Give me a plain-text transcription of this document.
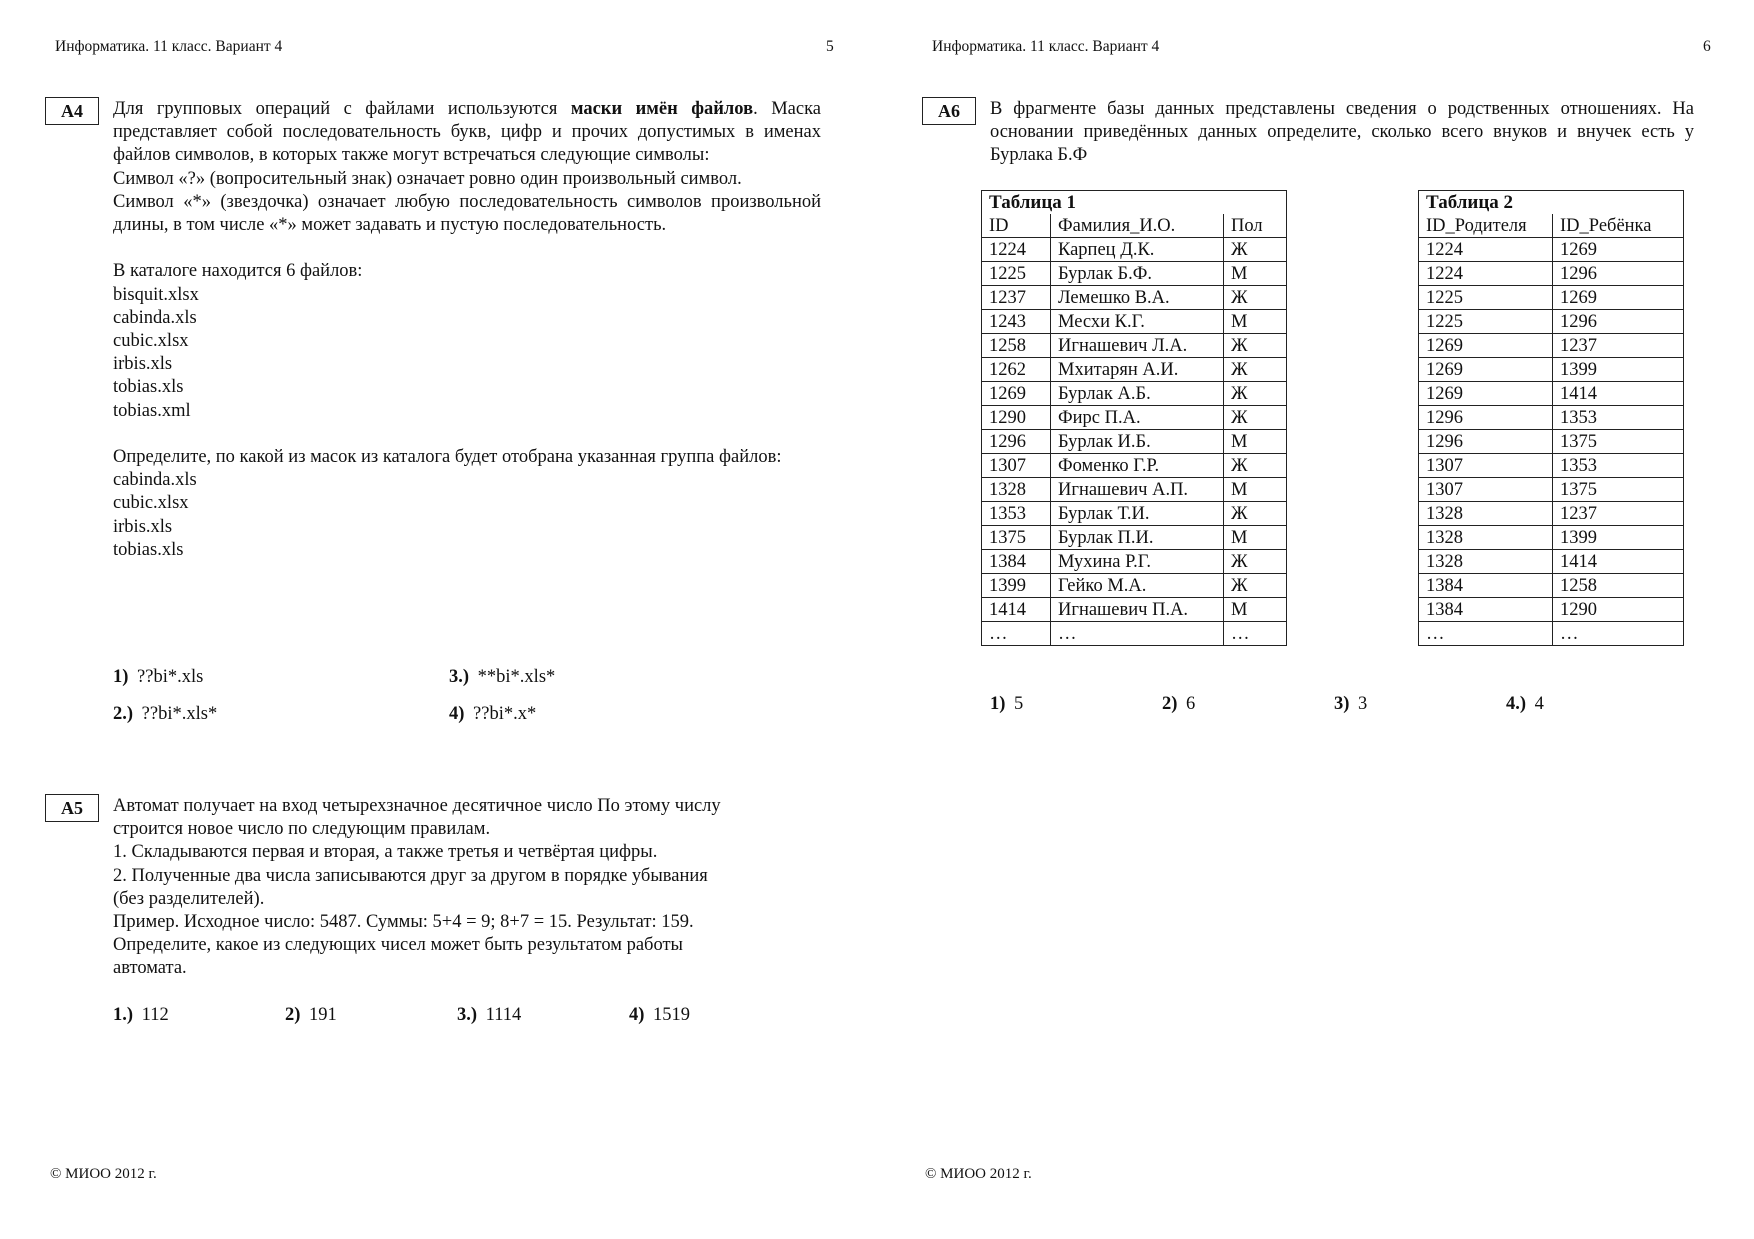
Информатика. 11 класс. Вариант 4	5
A4	Для групповых операций с файлами используются маски имён файлов. Маска представляет собой последовательность букв, цифр и прочих допустимых в именах файлов символов, в которых также могут встречаться следующие символы:
Символ «?» (вопросительный знак) означает ровно один произвольный символ.
Символ «*» (звездочка) означает любую последовательность символов произвольной длины, в том числе «*» может задавать и пустую последовательность.
В каталоге находится 6 файлов:
bisquit.xlsx
cabinda.xls
cubic.xlsx
irbis.xls
tobias.xls
tobias.xml
Определите, по какой из масок из каталога будет отобрана указанная группа файлов:
cabinda.xls
cubic.xlsx
irbis.xls
tobias.xls
1) ??bi*.xls	3.) **bi*.xls*
2.) ??bi*.xls*	4) ??bi*.x*
A5	Автомат получает на вход четырехзначное десятичное число По этому числу
строится новое число по следующим правилам.
1. Складываются первая и вторая, а также третья и четвёртая цифры.
2. Полученные два числа записываются друг за другом в порядке убывания
(без разделителей).
Пример. Исходное число: 5487. Суммы: 5+4 = 9; 8+7 = 15. Результат: 159.
Определите, какое из следующих чисел может быть результатом работы
автомата.
1.) 112	2) 191	3.) 1114	4) 1519
© МИОО 2012 г.
Информатика. 11 класс. Вариант 4	6
A6	В фрагменте базы данных представлены сведения о родственных отношениях. На основании приведённых данных определите, сколько всего внуков и внучек есть у Бурлака Б.Ф
Таблица 1		
ID	Фамилия_И.О.	Пол
1224	Карпец Д.К.	Ж
1225	Бурлак Б.Ф.	М
1237	Лемешко В.А.	Ж
1243	Месхи К.Г.	М
1258	Игнашевич Л.А.	Ж
1262	Мхитарян А.И.	Ж
1269	Бурлак А.Б.	Ж
1290	Фирс П.А.	Ж
1296	Бурлак И.Б.	М
1307	Фоменко Г.Р.	Ж
1328	Игнашевич А.П.	М
1353	Бурлак Т.И.	Ж
1375	Бурлак П.И.	М
1384	Мухина Р.Г.	Ж
1399	Гейко М.А.	Ж
1414	Игнашевич П.А.	М
…	…	…
Таблица 2	
ID_Родителя	ID_Ребёнка
1224	1269
1224	1296
1225	1269
1225	1296
1269	1237
1269	1399
1269	1414
1296	1353
1296	1375
1307	1353
1307	1375
1328	1237
1328	1399
1328	1414
1384	1258
1384	1290
…	…
1) 5	2) 6	3) 3	4.) 4
© МИОО 2012 г.
